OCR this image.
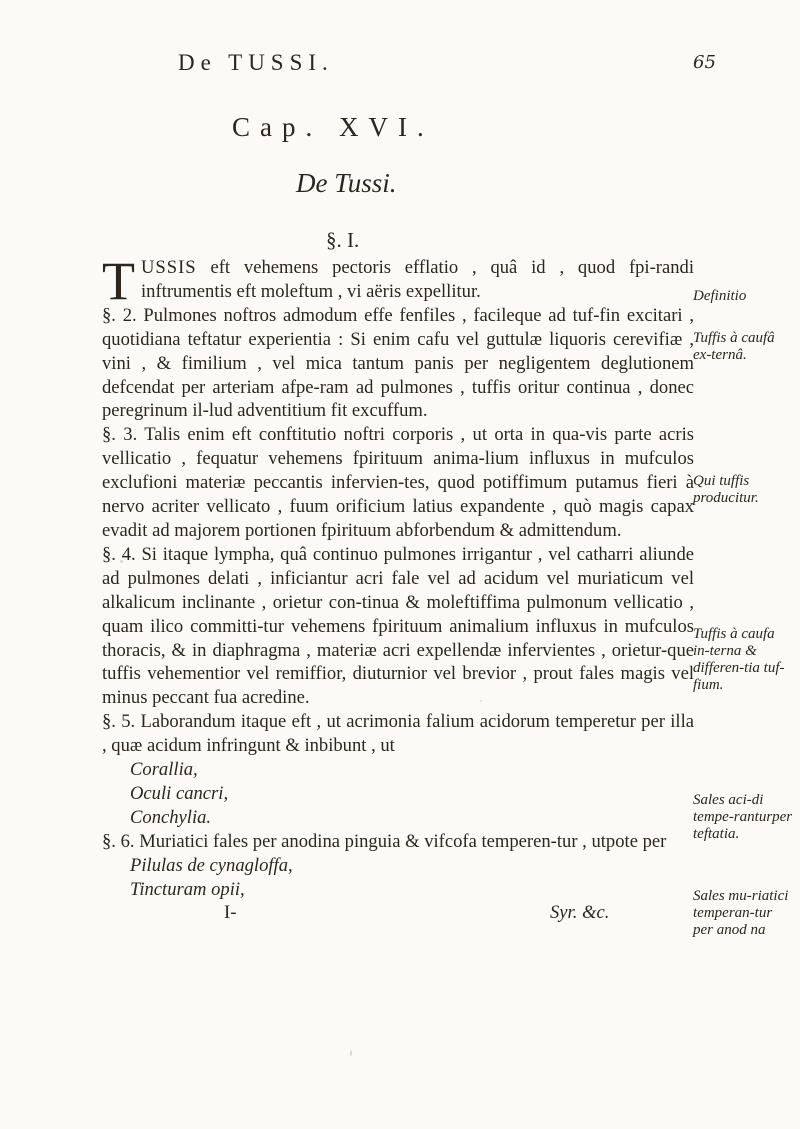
De TUSSI.	65
Cap. XVI.
De Tussi.
§. I.

TUSSIS eft vehemens pectoris efflatio , quâ id , quod fpi-randi inftrumentis eft moleftum , vi aëris expellitur.

§. 2. Pulmones noftros admodum effe fenfiles , facileque ad tuf-fin excitari , quotidiana teftatur experientia : Si enim cafu vel guttulæ liquoris cerevifiæ , vini , & fimilium , vel mica tantum panis per negligentem deglutionem defcendat per arteriam afpe-ram ad pulmones , tuffis oritur continua , donec peregrinum il-lud adventitium fit excuffum.

§. 3. Talis enim eft conftitutio noftri corporis , ut orta in qua-vis parte acris vellicatio , fequatur vehemens fpirituum anima-lium influxus in mufculos exclufioni materiæ peccantis infervien-tes, quod potiffimum putamus fieri à nervo acriter vellicato , fuum orificium latius expandente , quò magis capax evadit ad majorem portionen fpirituum abforbendum & admittendum.

§. 4. Si itaque lympha, quâ continuo pulmones irrigantur , vel catharri aliunde ad pulmones delati , inficiantur acri fale vel ad acidum vel muriaticum vel alkalicum inclinante , orietur con-tinua & moleftiffima pulmonum vellicatio , quam ilico committi-tur vehemens fpirituum animalium influxus in mufculos thoracis, & in diaphragma , materiæ acri expellendæ infervientes , orietur-que tuffis vehementior vel remiffior, diuturnior vel brevior , prout fales magis vel minus peccant fua acredine.

§. 5. Laborandum itaque eft , ut acrimonia falium acidorum temperetur per illa , quæ acidum infringunt & inbibunt , ut

Corallia,
Oculi cancri,
Conchylia.

§. 6. Muriatici fales per anodina pinguia & vifcofa temperen-tur , utpote per

Pilulas de cynagloffa,
Tincturam opii,
I-	Syr. &c.
Definitio
Tuffis à caufâ ex-ternâ.
Qui tuffis producitur.
Tuffis à caufa in-terna & differen-tia tuf-fium.
Sales aci-di tempe-ranturper teftatia.
Sales mu-riatici temperan-tur per anod na
